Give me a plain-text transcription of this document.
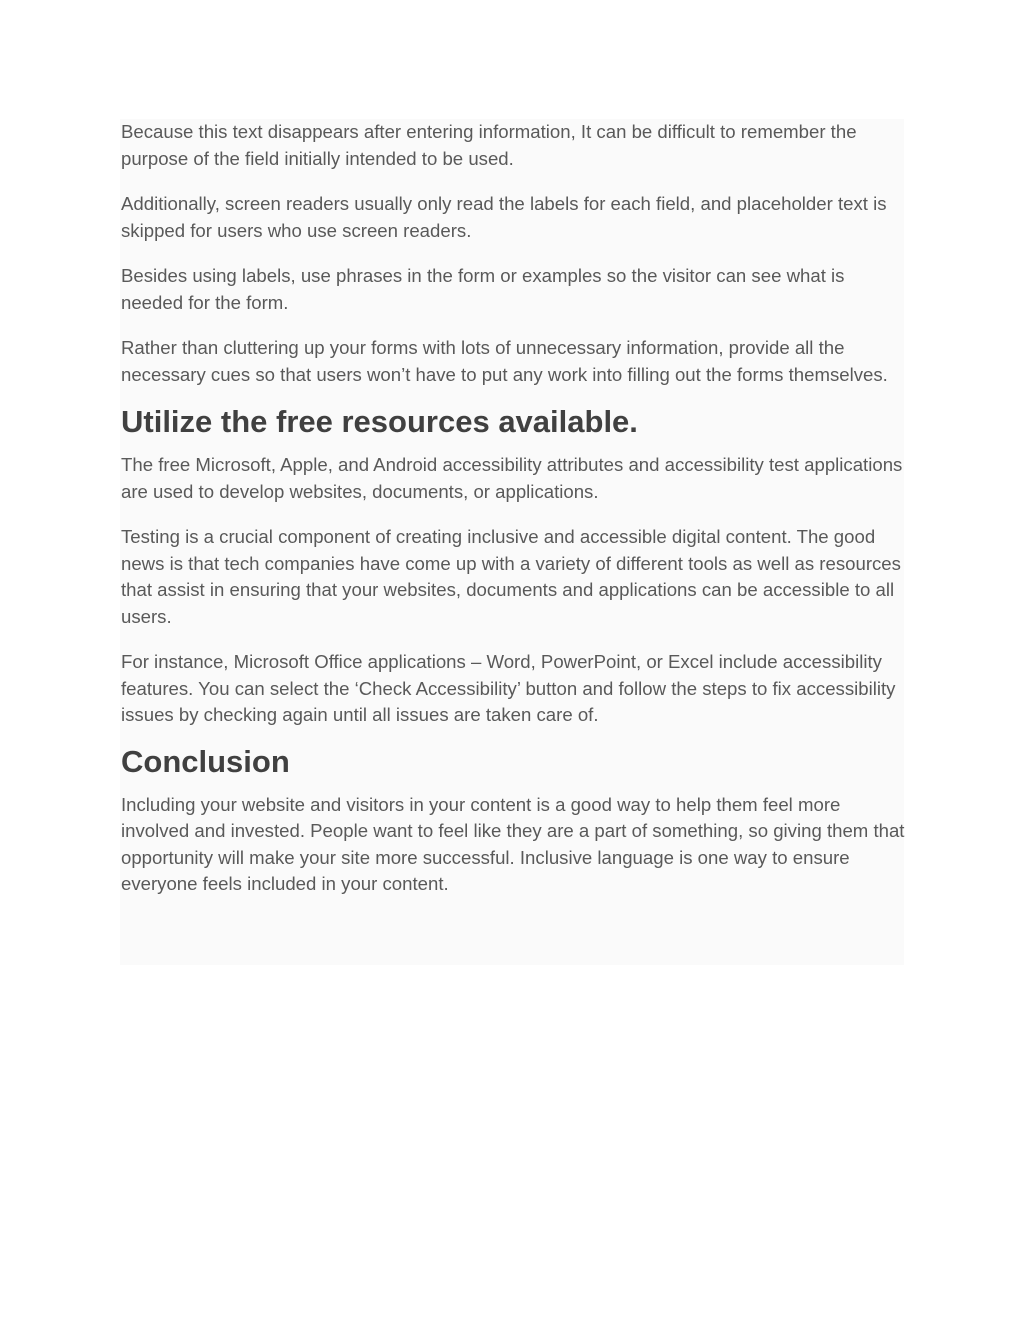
Because this text disappears after entering information, It can be difficult to remember the purpose of the field initially intended to be used.

Additionally, screen readers usually only read the labels for each field, and placeholder text is skipped for users who use screen readers.

Besides using labels, use phrases in the form or examples so the visitor can see what is needed for the form.

Rather than cluttering up your forms with lots of unnecessary information, provide all the necessary cues so that users won’t have to put any work into filling out the forms themselves.

Utilize the free resources available.

The free Microsoft, Apple, and Android accessibility attributes and accessibility test applications are used to develop websites, documents, or applications.

Testing is a crucial component of creating inclusive and accessible digital content. The good news is that tech companies have come up with a variety of different tools as well as resources that assist in ensuring that your websites, documents and applications can be accessible to all users.

For instance, Microsoft Office applications – Word, PowerPoint, or Excel include accessibility features. You can select the ‘Check Accessibility’ button and follow the steps to fix accessibility issues by checking again until all issues are taken care of.

Conclusion

Including your website and visitors in your content is a good way to help them feel more involved and invested. People want to feel like they are a part of something, so giving them that opportunity will make your site more successful. Inclusive language is one way to ensure everyone feels included in your content.
